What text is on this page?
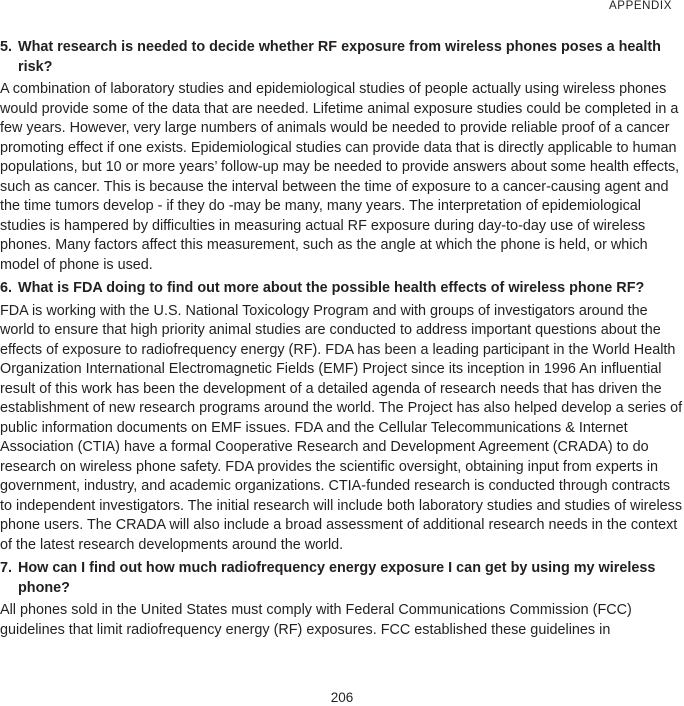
APPENDIX

5. What research is needed to decide whether RF exposure from wireless phones poses a health risk?

A combination of laboratory studies and epidemiological studies of people actually using wireless phones would provide some of the data that are needed. Lifetime animal exposure studies could be completed in a few years. However, very large numbers of animals would be needed to provide reliable proof of a cancer promoting effect if one exists. Epidemiological studies can provide data that is directly applicable to human populations, but 10 or more years’ follow-up may be needed to provide answers about some health effects, such as cancer. This is because the interval between the time of exposure to a cancer-causing agent and the time tumors develop - if they do -may be many, many years. The interpretation of epidemiological studies is hampered by difficulties in measuring actual RF exposure during day-to-day use of wireless phones. Many factors affect this measurement, such as the angle at which the phone is held, or which model of phone is used.

6. What is FDA doing to find out more about the possible health effects of wireless phone RF?

FDA is working with the U.S. National Toxicology Program and with groups of investigators around the world to ensure that high priority animal studies are conducted to address important questions about the effects of exposure to radiofrequency energy (RF). FDA has been a leading participant in the World Health Organization International Electromagnetic Fields (EMF) Project since its inception in 1996 An influential result of this work has been the development of a detailed agenda of research needs that has driven the establishment of new research programs around the world. The Project has also helped develop a series of public information documents on EMF issues. FDA and the Cellular Telecommunications & Internet Association (CTIA) have a formal Cooperative Research and Development Agreement (CRADA) to do research on wireless phone safety. FDA provides the scientific oversight, obtaining input from experts in government, industry, and academic organizations. CTIA-funded research is conducted through contracts to independent investigators. The initial research will include both laboratory studies and studies of wireless phone users. The CRADA will also include a broad assessment of additional research needs in the context of the latest research developments around the world.

7. How can I find out how much radiofrequency energy exposure I can get by using my wireless phone?

All phones sold in the United States must comply with Federal Communications Commission (FCC) guidelines that limit radiofrequency energy (RF) exposures. FCC established these guidelines in

206
